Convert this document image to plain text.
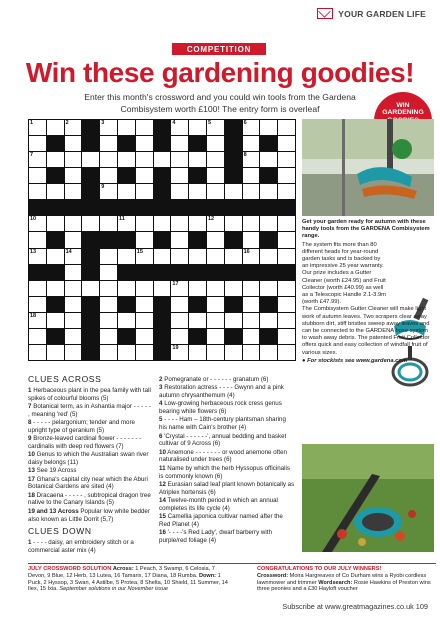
YOUR GARDEN LIFE
COMPETITION
Win these gardening goodies!
Enter this month's crossword and you could win tools from the Gardena Combisystem worth £100! The entry form is overleaf	WIN
GARDENING
1	2	3	4	5	6
7	8
9
10	11	12
13	14	15	16
17
18
19
CLUES ACROSS
1 Herbaceous plant in the pea family with tall spikes of colourful blooms (5)
7 Botanical term, as in Ashantia major - - - - - , meaning 'red' (5)
8 - - - - - pelargonium; tender and more upright type of geranium (5)
9 Bronze-leaved cardinal flower - - - - - - - cardinalis with deep red flowers (7)
10 Genus to which the Australian swan river daisy belongs (11)
13 See 19 Across
17 Ghana's capital city near which the Aburi Botanical Gardens are sited (4)
18 Dracaena - - - - - , subtropical dragon tree native to the Canary Islands (5)
19 and 13 Across Popular low white bedder also known as Little Dorrit (5,7)
CLUES DOWN
1 - - - - daisy, an embroidery stitch or a commercial aster mix (4)
2 Pomegranate or - - - - - - granatum (6)
3 Restoration actress - - - - Gwynn and a pink autumn chrysanthemum (4)
4 Low-growing herbaceous rock cress genus bearing white flowers (6)
5 - - - - Ham – 18th-century plantsman sharing his name with Cain's brother (4)
6 'Crystal - - - - - -', annual bedding and basket cultivar of 9 Across (6)
10 Anemone - - - - - - - or wood anemone often naturalised under trees (6)
11 Name by which the herb Hyssopus officinalis is commonly known (6)
12 Eurasian salad leaf plant known botanically as Atriplex hortensis (6)
14 Twelve-month period in which an annual completes its life cycle (4)
15 Camellia japonica cultivar named after the Red Planet (4)
16 '- - - -'s Red Lady', dwarf barberry with purple/red foliage (4)

Get your garden ready for autumn with these handy tools from the GARDENA Combisystem range.

The system fits more than 80 different heads for year-round garden tasks and is backed by an impressive 25 year warranty.

Our prize includes a Gutter Cleaner (worth £24.95) and Fruit Collector (worth £40.99) as well as a Telescopic Handle 2.1-3.9m (worth £47.99).

The Combisystem Gutter Cleaner will make light work of autumn leaves. Two scrapers clear away stubborn dirt, stiff bristles sweep away leaves and can be connected to the GARDENA hose system to wash away debris. The patented Fruit Collector offers quick and easy collection of windfall fruit of various sizes.

● For stockists see www.gardena.com

JULY CROSSWORD SOLUTION Across: 1 Peach, 3 Swamp, 6 Celosia, 7 Devon, 9 Blue, 12 Herb, 13 Lutea, 16 Tamarix, 17 Diana, 18 Rumba. Down: 1 Puck, 2 Hyssop, 3 Swan, 4 Astilbe, 5 Protea, 8 Shelta, 10 Shield, 11 Summer, 14 Ilex, 15 Ixia. September solutions in our November issue
CONGRATULATIONS TO OUR JULY WINNERS!
Crossword: Moira Hargreaves of Co Durham wins a Ryobi cordless lawnmower and trimmer Wordsearch: Rosie Hawkins of Preston wins three peonies and a £30 Hayloft voucher
Subscribe at www.greatmagazines.co.uk 109
